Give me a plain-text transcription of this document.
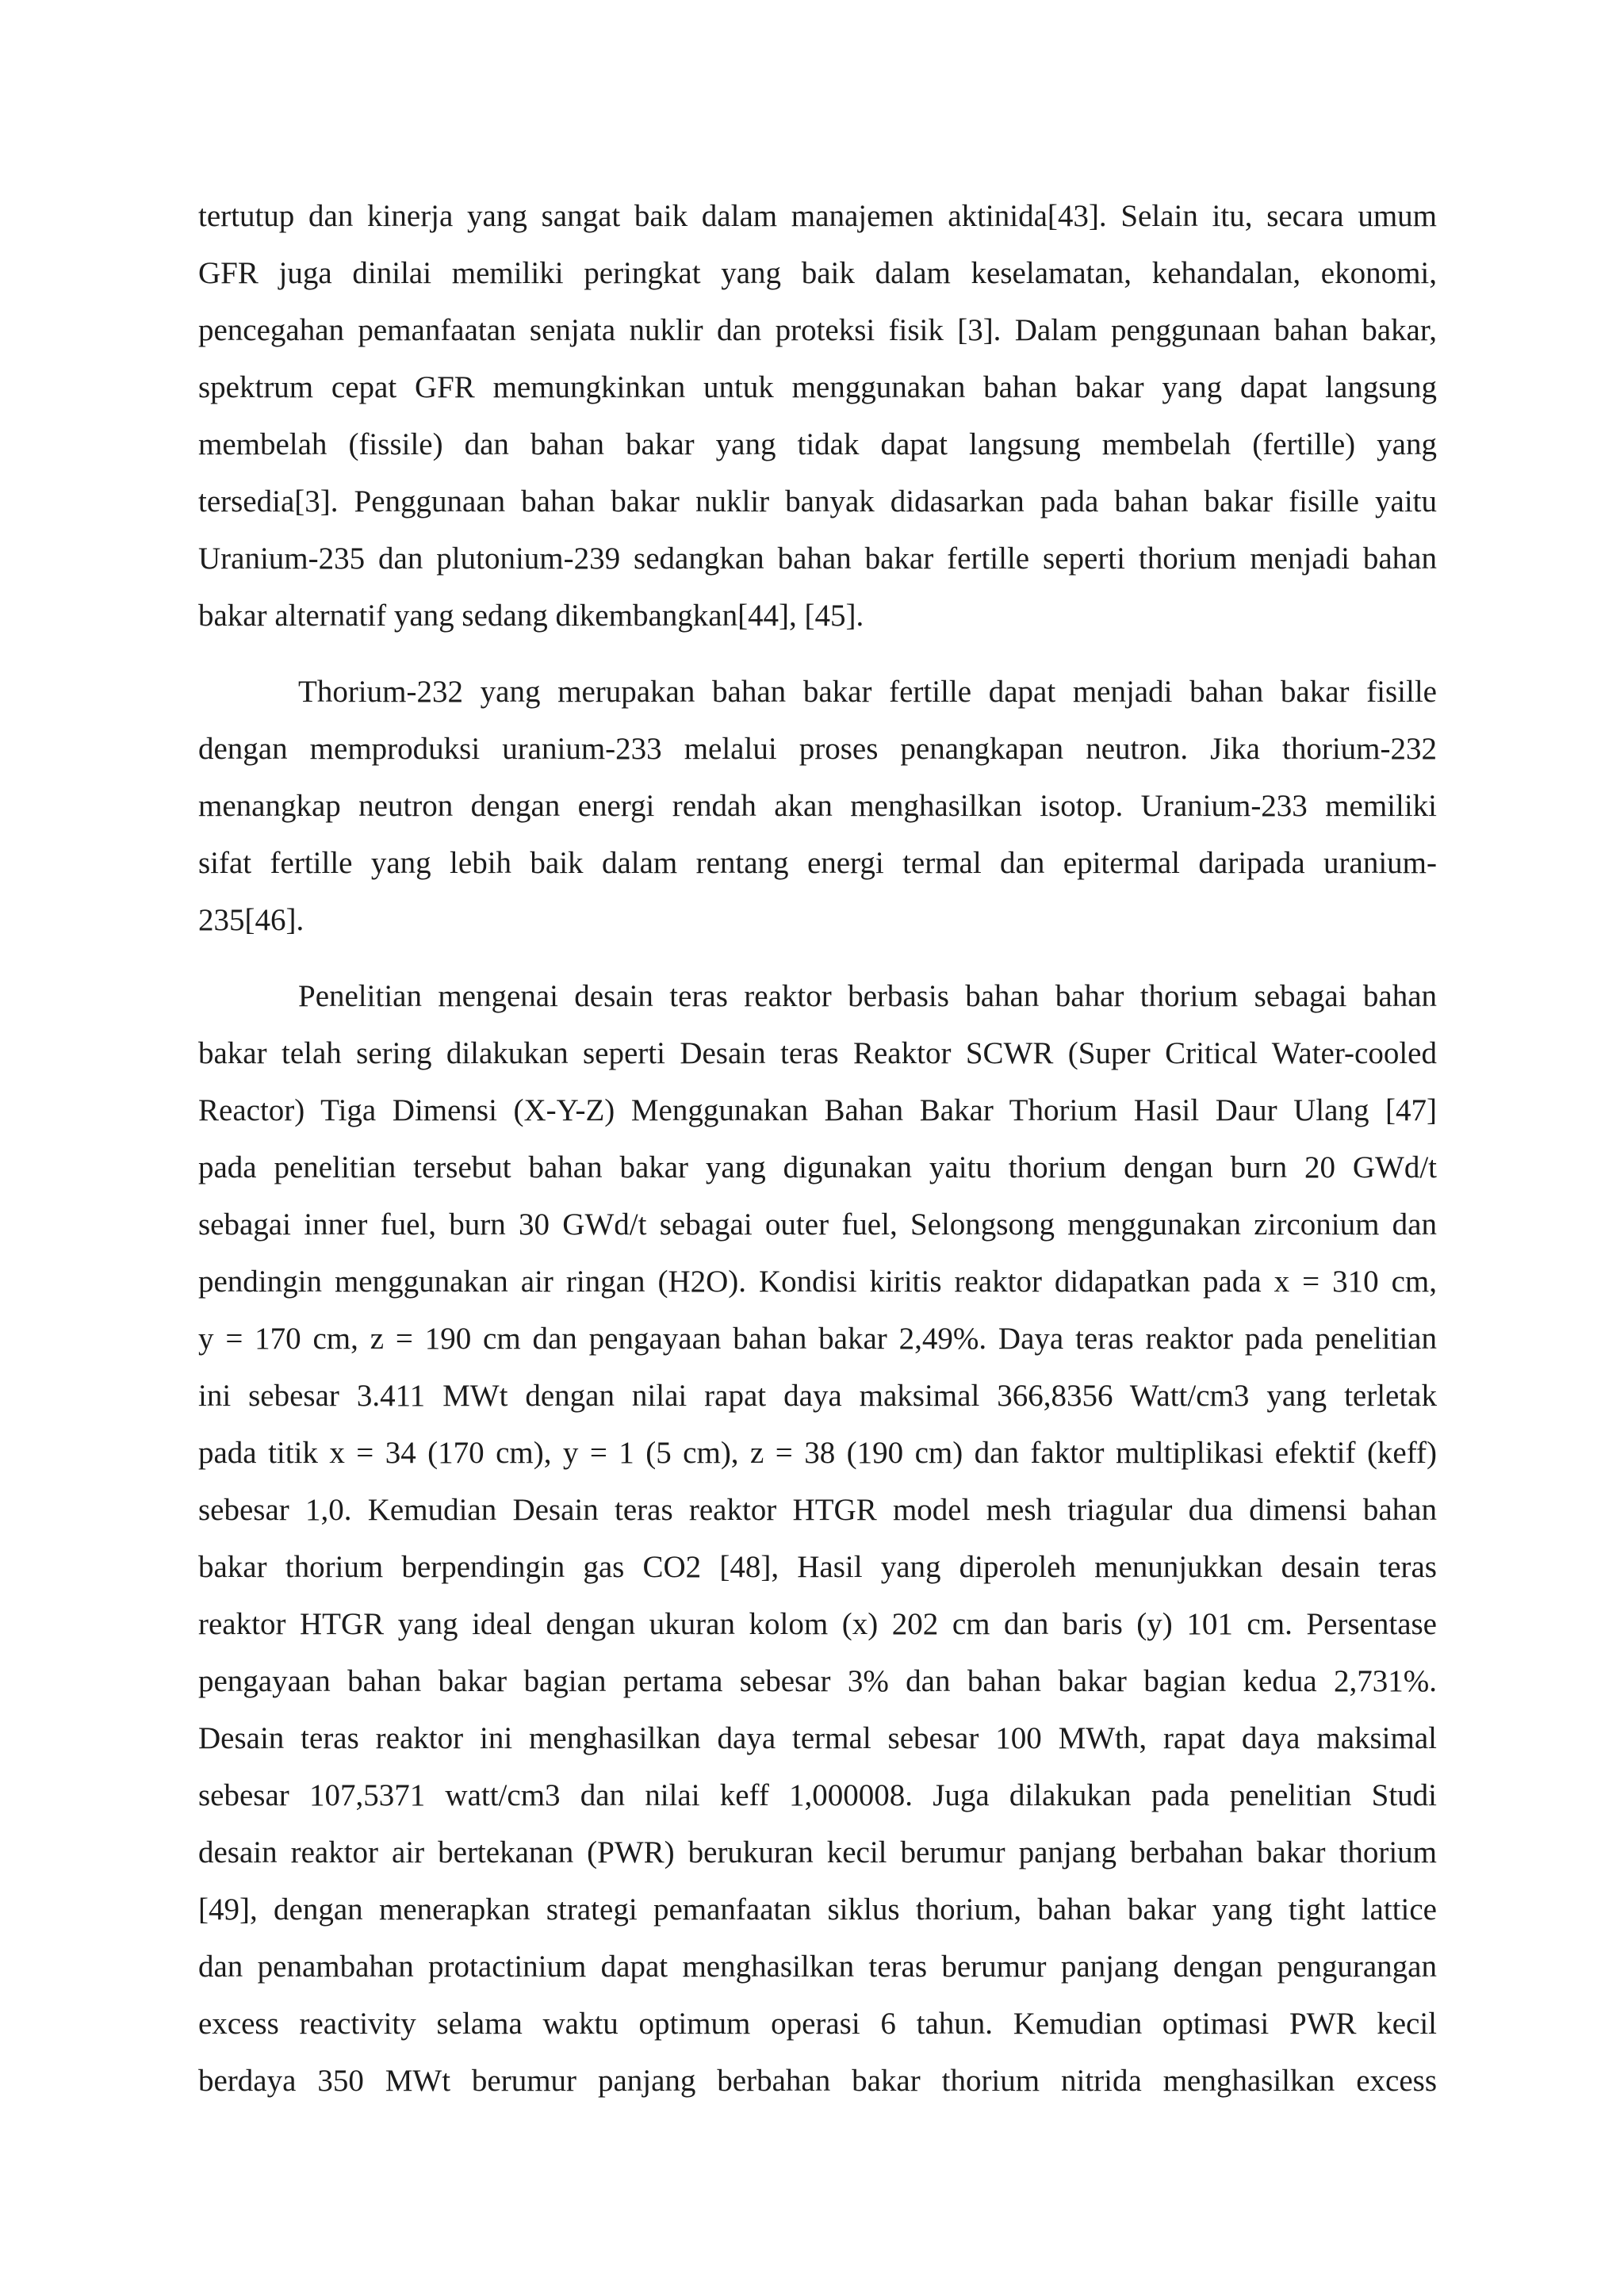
tertutup dan kinerja yang sangat baik dalam manajemen aktinida[43]. Selain itu, secara umum
GFR juga dinilai memiliki peringkat yang baik dalam keselamatan, kehandalan, ekonomi,
pencegahan pemanfaatan senjata nuklir dan proteksi fisik [3]. Dalam penggunaan bahan bakar,
spektrum cepat GFR memungkinkan untuk menggunakan bahan bakar yang dapat langsung
membelah (fissile) dan bahan bakar yang tidak dapat langsung membelah (fertille) yang
tersedia[3]. Penggunaan bahan bakar nuklir banyak didasarkan pada bahan bakar fisille yaitu
Uranium-235 dan plutonium-239 sedangkan bahan bakar fertille seperti thorium menjadi bahan
bakar alternatif yang sedang dikembangkan[44], [45].
Thorium-232 yang merupakan bahan bakar fertille dapat menjadi bahan bakar fisille
dengan memproduksi uranium-233 melalui proses penangkapan neutron. Jika thorium-232
menangkap neutron dengan energi rendah akan menghasilkan isotop. Uranium-233 memiliki
sifat fertille yang lebih baik dalam rentang energi termal dan epitermal daripada uranium-
235[46].
Penelitian mengenai desain teras reaktor berbasis bahan bahar thorium sebagai bahan
bakar telah sering dilakukan seperti Desain teras Reaktor SCWR (Super Critical Water-cooled
Reactor) Tiga Dimensi (X-Y-Z) Menggunakan Bahan Bakar Thorium Hasil Daur Ulang [47]
pada penelitian tersebut bahan bakar yang digunakan yaitu thorium dengan burn 20 GWd/t
sebagai inner fuel, burn 30 GWd/t sebagai outer fuel, Selongsong menggunakan zirconium dan
pendingin menggunakan air ringan (H2O). Kondisi kiritis reaktor didapatkan pada x = 310 cm,
y = 170 cm, z = 190 cm dan pengayaan bahan bakar 2,49%. Daya teras reaktor pada penelitian
ini sebesar 3.411 MWt dengan nilai rapat daya maksimal 366,8356 Watt/cm3 yang terletak
pada titik x = 34 (170 cm), y = 1 (5 cm), z = 38 (190 cm) dan faktor multiplikasi efektif (keff)
sebesar 1,0. Kemudian Desain teras reaktor HTGR model mesh triagular dua dimensi bahan
bakar thorium berpendingin gas CO2 [48], Hasil yang diperoleh menunjukkan desain teras
reaktor HTGR yang ideal dengan ukuran kolom (x) 202 cm dan baris (y) 101 cm. Persentase
pengayaan bahan bakar bagian pertama sebesar 3% dan bahan bakar bagian kedua 2,731%.
Desain teras reaktor ini menghasilkan daya termal sebesar 100 MWth, rapat daya maksimal
sebesar 107,5371 watt/cm3 dan nilai keff 1,000008. Juga dilakukan pada penelitian Studi
desain reaktor air bertekanan (PWR) berukuran kecil berumur panjang berbahan bakar thorium
[49], dengan menerapkan strategi pemanfaatan siklus thorium, bahan bakar yang tight lattice
dan penambahan protactinium dapat menghasilkan teras berumur panjang dengan pengurangan
excess reactivity selama waktu optimum operasi 6 tahun. Kemudian optimasi PWR kecil
berdaya 350 MWt berumur panjang berbahan bakar thorium nitrida menghasilkan excess
